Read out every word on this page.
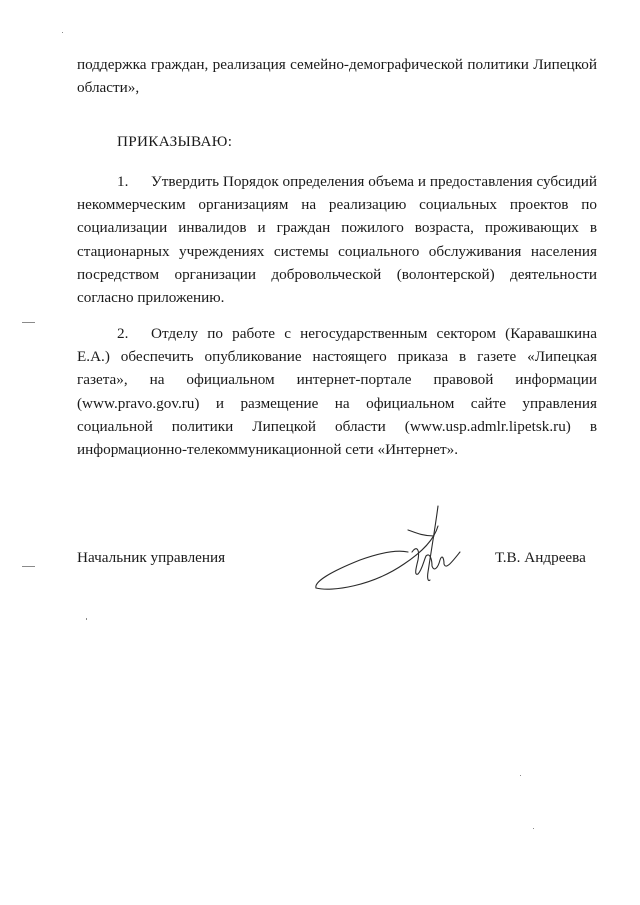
поддержка граждан, реализация семейно-демографической политики Липецкой области»,
ПРИКАЗЫВАЮ:
1. Утвердить Порядок определения объема и предоставления субсидий некоммерческим организациям на реализацию социальных проектов по социализации инвалидов и граждан пожилого возраста, проживающих в стационарных учреждениях системы социального обслуживания населения посредством организации добровольческой (волонтерской) деятельности согласно приложению.
2. Отделу по работе с негосударственным сектором (Каравашкина Е.А.) обеспечить опубликование настоящего приказа в газете «Липецкая газета», на официальном интернет-портале правовой информации (www.pravo.gov.ru) и размещение на официальном сайте управления социальной политики Липецкой области (www.usp.admlr.lipetsk.ru) в информационно-телекоммуникационной сети «Интернет».
Начальник управления	Т.В. Андреева
